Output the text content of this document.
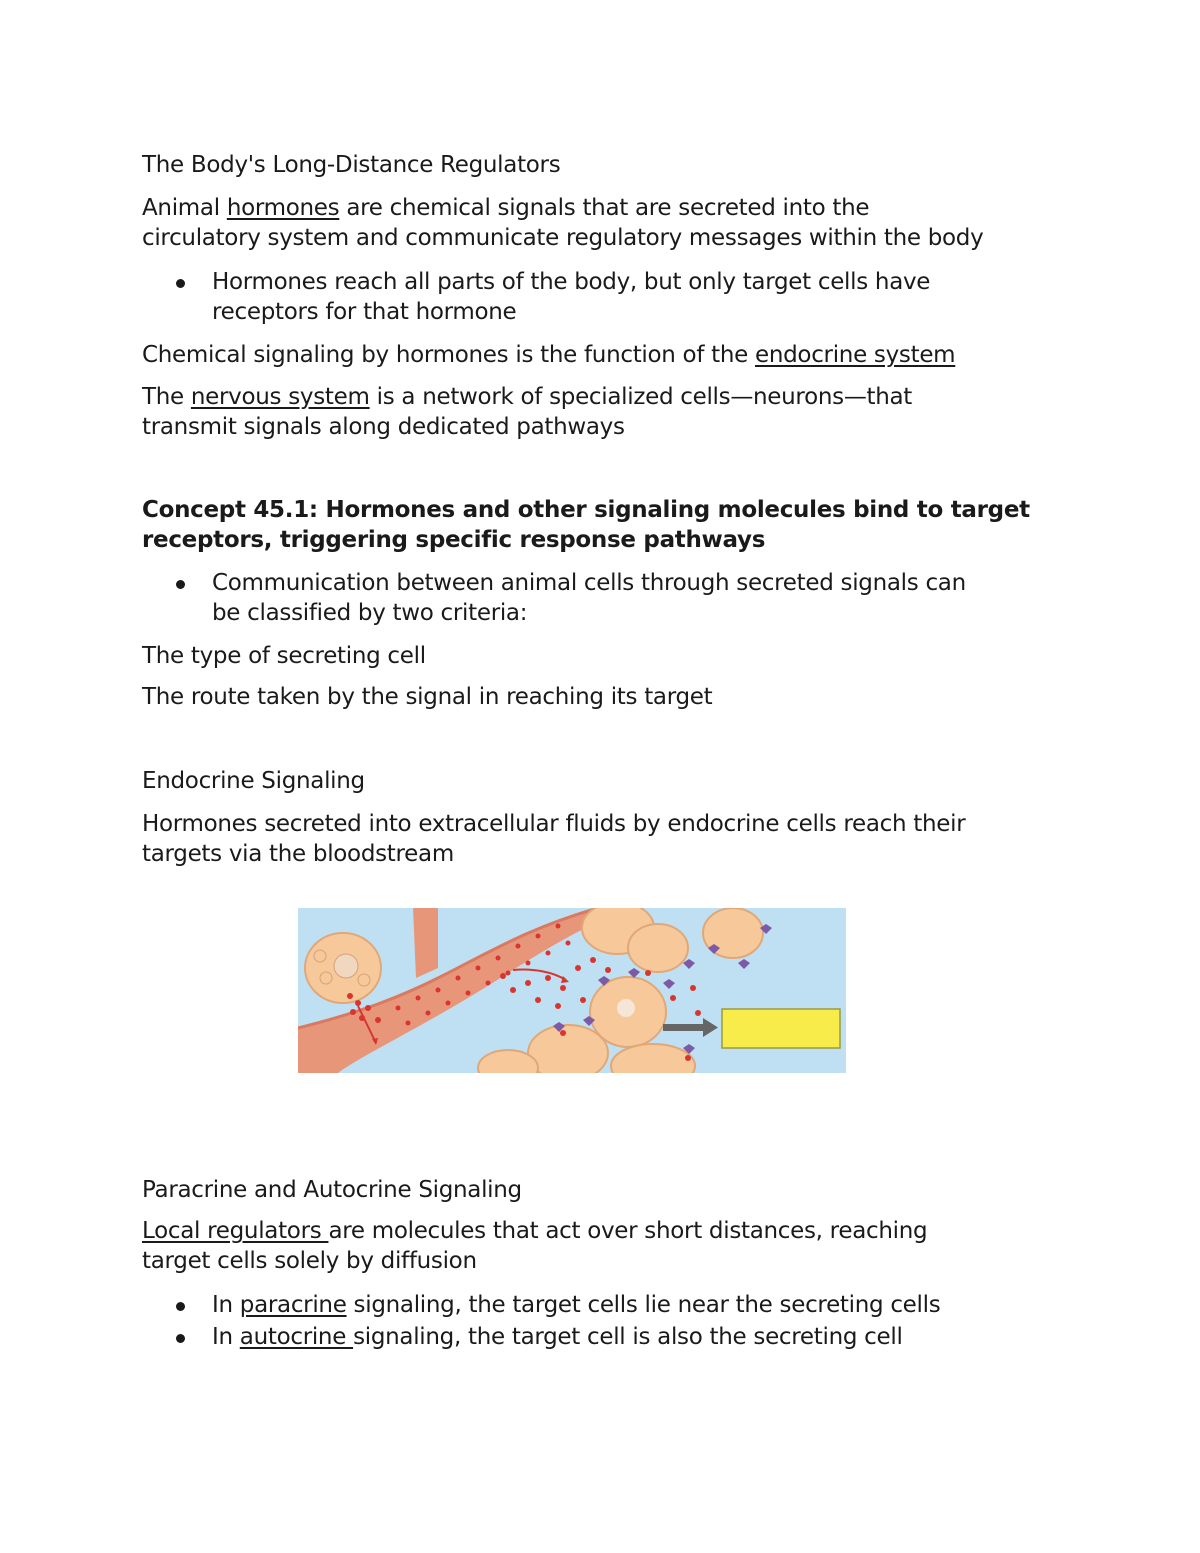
The Body's Long-Distance Regulators
Animal hormones are chemical signals that are secreted into the
circulatory system and communicate regulatory messages within the body
Hormones reach all parts of the body, but only target cells have
receptors for that hormone
Chemical signaling by hormones is the function of the endocrine system
The nervous system is a network of specialized cells—neurons—that
transmit signals along dedicated pathways
Concept 45.1: Hormones and other signaling molecules bind to target
receptors, triggering specific response pathways
Communication between animal cells through secreted signals can
be classified by two criteria:
The type of secreting cell
The route taken by the signal in reaching its target
Endocrine Signaling
Hormones secreted into extracellular fluids by endocrine cells reach their
targets via the bloodstream
Paracrine and Autocrine Signaling
Local regulators are molecules that act over short distances, reaching
target cells solely by diffusion
In paracrine signaling, the target cells lie near the secreting cells
In autocrine signaling, the target cell is also the secreting cell
